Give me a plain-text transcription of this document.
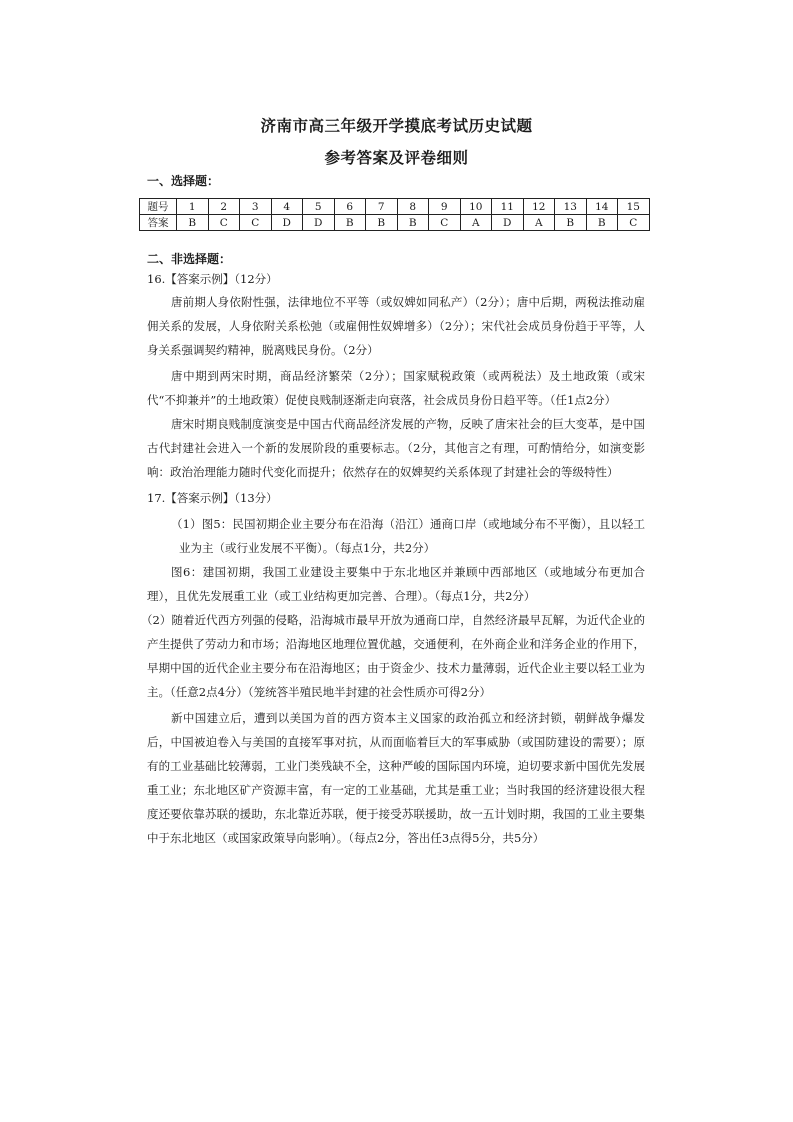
济南市高三年级开学摸底考试历史试题
参考答案及评卷细则
一、选择题：
题号	1	2	3	4	5	6	7	8	9	10	11	12	13	14	15
答案	B	C	C	D	D	B	B	B	C	A	D	A	B	B	C
二、非选择题：
16.【答案示例】（12分）

唐前期人身依附性强，法律地位不平等（或奴婢如同私产）（2分）；唐中后期，两税法推动雇佣关系的发展，人身依附关系松弛（或雇佣性奴婢增多）（2分）；宋代社会成员身份趋于平等，人身关系强调契约精神，脱离贱民身份。（2分）

唐中期到两宋时期，商品经济繁荣（2分）；国家赋税政策（或两税法）及土地政策（或宋代“不抑兼并”的土地政策）促使良贱制逐渐走向衰落，社会成员身份日趋平等。（任1点2分）

唐宋时期良贱制度演变是中国古代商品经济发展的产物，反映了唐宋社会的巨大变革，是中国古代封建社会进入一个新的发展阶段的重要标志。（2分，其他言之有理，可酌情给分，如演变影响：政治治理能力随时代变化而提升；依然存在的奴婢契约关系体现了封建社会的等级特性）

17.【答案示例】（13分）

（1）图5：民国初期企业主要分布在沿海（沿江）通商口岸（或地域分布不平衡），且以轻工业为主（或行业发展不平衡）。（每点1分，共2分）

图6：建国初期，我国工业建设主要集中于东北地区并兼顾中西部地区（或地域分布更加合理），且优先发展重工业（或工业结构更加完善、合理）。（每点1分，共2分）

（2）随着近代西方列强的侵略，沿海城市最早开放为通商口岸，自然经济最早瓦解，为近代企业的产生提供了劳动力和市场；沿海地区地理位置优越，交通便利，在外商企业和洋务企业的作用下，早期中国的近代企业主要分布在沿海地区；由于资金少、技术力量薄弱，近代企业主要以轻工业为主。（任意2点4分）（笼统答半殖民地半封建的社会性质亦可得2分）

新中国建立后，遭到以美国为首的西方资本主义国家的政治孤立和经济封锁，朝鲜战争爆发后，中国被迫卷入与美国的直接军事对抗，从而面临着巨大的军事威胁（或国防建设的需要）；原有的工业基础比较薄弱，工业门类残缺不全，这种严峻的国际国内环境，迫切要求新中国优先发展重工业；东北地区矿产资源丰富，有一定的工业基础，尤其是重工业；当时我国的经济建设很大程度还要依靠苏联的援助，东北靠近苏联，便于接受苏联援助，故一五计划时期，我国的工业主要集中于东北地区（或国家政策导向影响）。（每点2分，答出任3点得5分，共5分）
